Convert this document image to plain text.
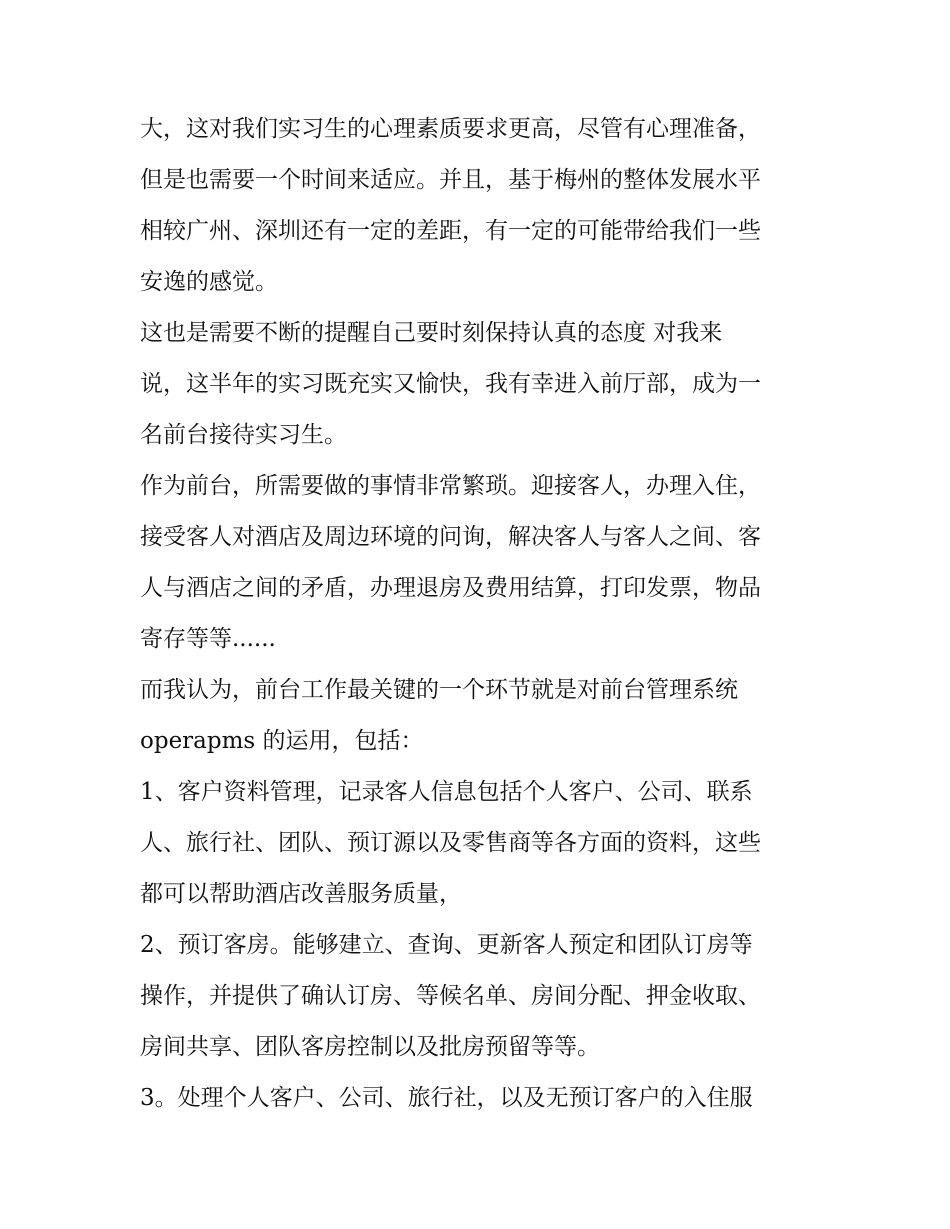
大，这对我们实习生的心理素质要求更高，尽管有心理准备，
但是也需要一个时间来适应。并且，基于梅州的整体发展水平
相较广州、深圳还有一定的差距，有一定的可能带给我们一些
安逸的感觉。
这也是需要不断的提醒自己要时刻保持认真的态度 对我来
说，这半年的实习既充实又愉快，我有幸进入前厅部，成为一
名前台接待实习生。
作为前台，所需要做的事情非常繁琐。迎接客人，办理入住，
接受客人对酒店及周边环境的问询，解决客人与客人之间、客
人与酒店之间的矛盾，办理退房及费用结算，打印发票，物品
寄存等等......
而我认为，前台工作最关键的一个环节就是对前台管理系统
operapms 的运用，包括：
1、客户资料管理，记录客人信息包括个人客户、公司、联系
人、旅行社、团队、预订源以及零售商等各方面的资料，这些
都可以帮助酒店改善服务质量，
2、预订客房。能够建立、查询、更新客人预定和团队订房等
操作，并提供了确认订房、等候名单、房间分配、押金收取、
房间共享、团队客房控制以及批房预留等等。
3。处理个人客户、公司、旅行社，以及无预订客户的入住服
